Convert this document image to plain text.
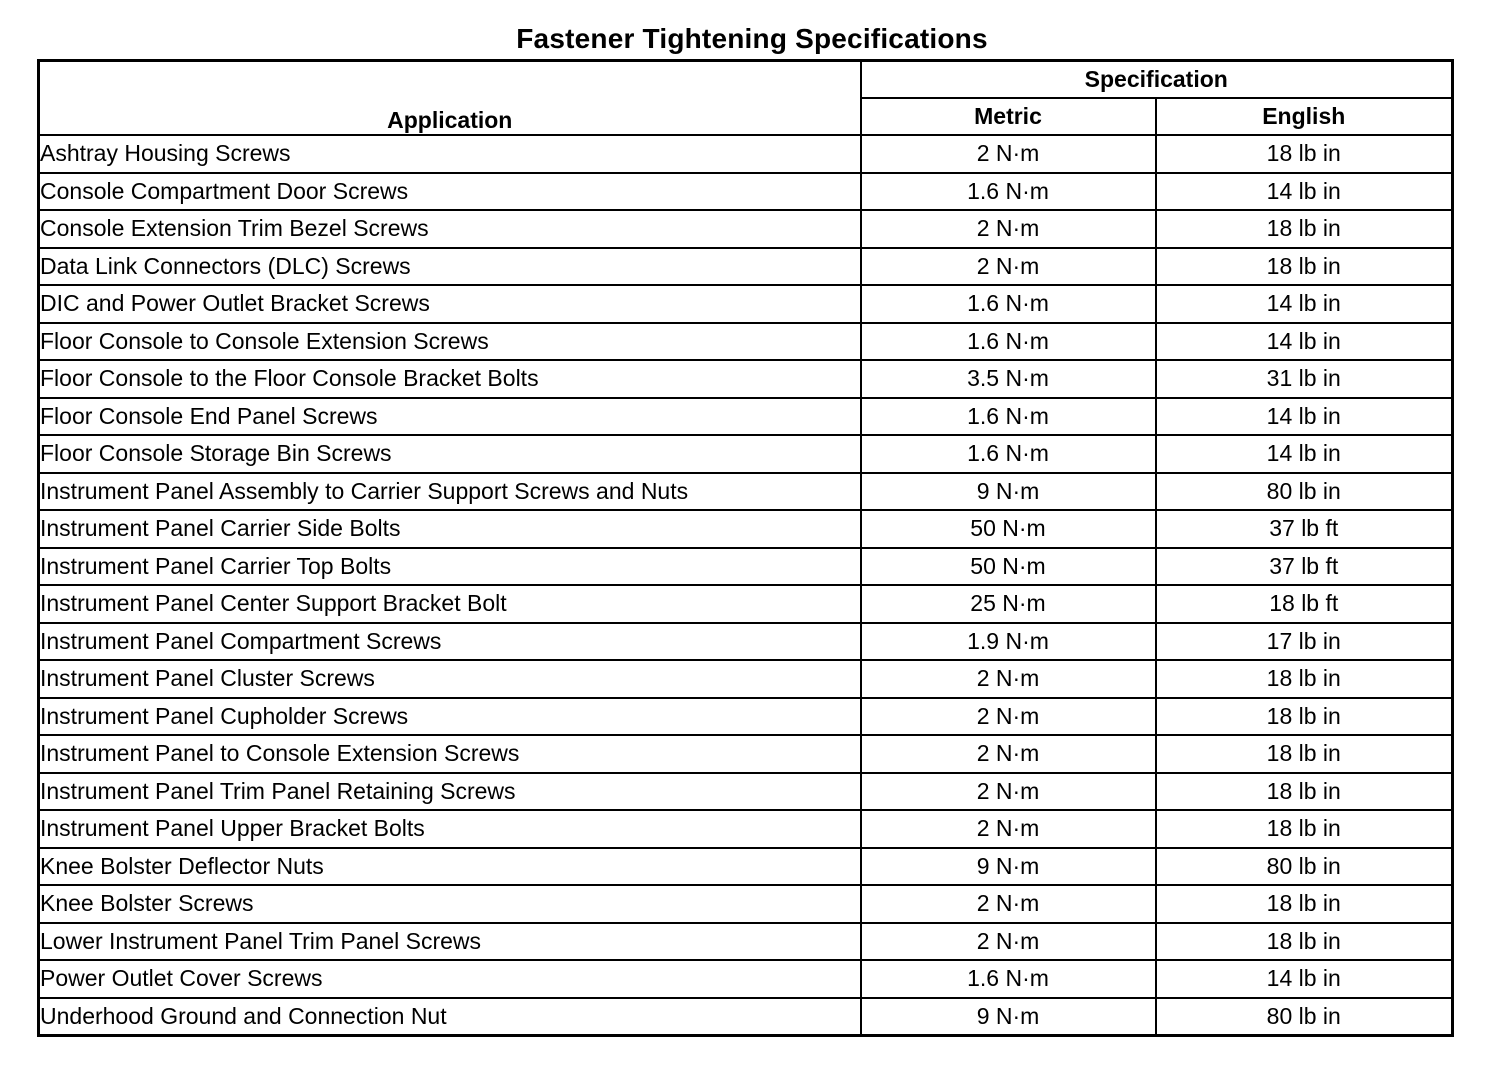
Fastener Tightening Specifications
Application	Specification	
	Metric	English
Ashtray Housing Screws	2 N·m	18 lb in
Console Compartment Door Screws	1.6 N·m	14 lb in
Console Extension Trim Bezel Screws	2 N·m	18 lb in
Data Link Connectors (DLC) Screws	2 N·m	18 lb in
DIC and Power Outlet Bracket Screws	1.6 N·m	14 lb in
Floor Console to Console Extension Screws	1.6 N·m	14 lb in
Floor Console to the Floor Console Bracket Bolts	3.5 N·m	31 lb in
Floor Console End Panel Screws	1.6 N·m	14 lb in
Floor Console Storage Bin Screws	1.6 N·m	14 lb in
Instrument Panel Assembly to Carrier Support Screws and Nuts	9 N·m	80 lb in
Instrument Panel Carrier Side Bolts	50 N·m	37 lb ft
Instrument Panel Carrier Top Bolts	50 N·m	37 lb ft
Instrument Panel Center Support Bracket Bolt	25 N·m	18 lb ft
Instrument Panel Compartment Screws	1.9 N·m	17 lb in
Instrument Panel Cluster Screws	2 N·m	18 lb in
Instrument Panel Cupholder Screws	2 N·m	18 lb in
Instrument Panel to Console Extension Screws	2 N·m	18 lb in
Instrument Panel Trim Panel Retaining Screws	2 N·m	18 lb in
Instrument Panel Upper Bracket Bolts	2 N·m	18 lb in
Knee Bolster Deflector Nuts	9 N·m	80 lb in
Knee Bolster Screws	2 N·m	18 lb in
Lower Instrument Panel Trim Panel Screws	2 N·m	18 lb in
Power Outlet Cover Screws	1.6 N·m	14 lb in
Underhood Ground and Connection Nut	9 N·m	80 lb in
